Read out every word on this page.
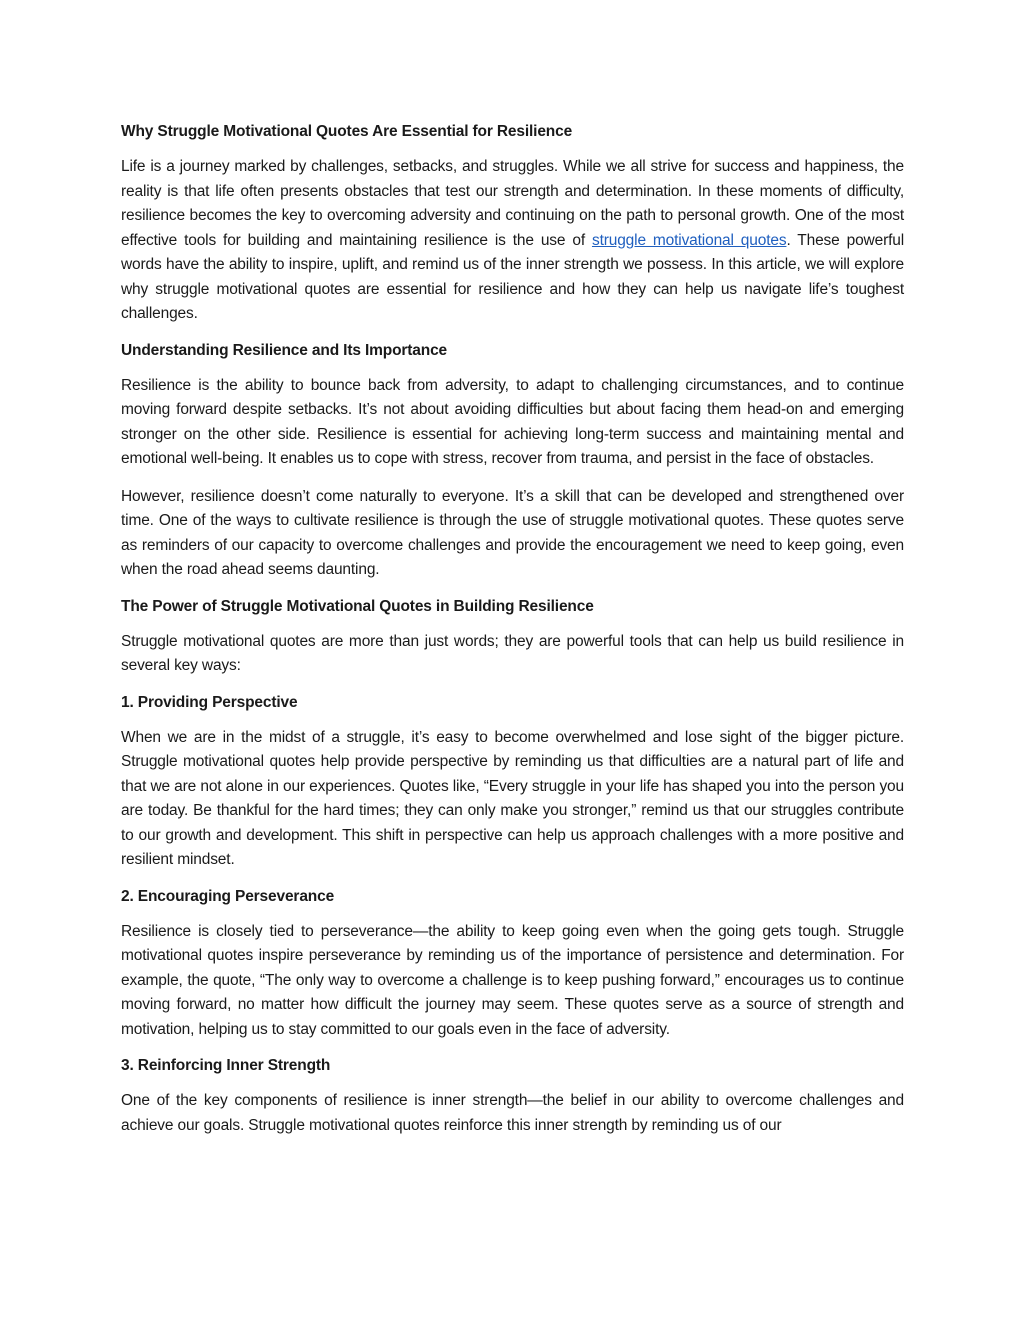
Why Struggle Motivational Quotes Are Essential for Resilience

Life is a journey marked by challenges, setbacks, and struggles. While we all strive for success and happiness, the reality is that life often presents obstacles that test our strength and determination. In these moments of difficulty, resilience becomes the key to overcoming adversity and continuing on the path to personal growth. One of the most effective tools for building and maintaining resilience is the use of struggle motivational quotes. These powerful words have the ability to inspire, uplift, and remind us of the inner strength we possess. In this article, we will explore why struggle motivational quotes are essential for resilience and how they can help us navigate life’s toughest challenges.

Understanding Resilience and Its Importance

Resilience is the ability to bounce back from adversity, to adapt to challenging circumstances, and to continue moving forward despite setbacks. It’s not about avoiding difficulties but about facing them head-on and emerging stronger on the other side. Resilience is essential for achieving long-term success and maintaining mental and emotional well-being. It enables us to cope with stress, recover from trauma, and persist in the face of obstacles.

However, resilience doesn’t come naturally to everyone. It’s a skill that can be developed and strengthened over time. One of the ways to cultivate resilience is through the use of struggle motivational quotes. These quotes serve as reminders of our capacity to overcome challenges and provide the encouragement we need to keep going, even when the road ahead seems daunting.

The Power of Struggle Motivational Quotes in Building Resilience

Struggle motivational quotes are more than just words; they are powerful tools that can help us build resilience in several key ways:

1. Providing Perspective

When we are in the midst of a struggle, it’s easy to become overwhelmed and lose sight of the bigger picture. Struggle motivational quotes help provide perspective by reminding us that difficulties are a natural part of life and that we are not alone in our experiences. Quotes like, “Every struggle in your life has shaped you into the person you are today. Be thankful for the hard times; they can only make you stronger,” remind us that our struggles contribute to our growth and development. This shift in perspective can help us approach challenges with a more positive and resilient mindset.

2. Encouraging Perseverance

Resilience is closely tied to perseverance—the ability to keep going even when the going gets tough. Struggle motivational quotes inspire perseverance by reminding us of the importance of persistence and determination. For example, the quote, “The only way to overcome a challenge is to keep pushing forward,” encourages us to continue moving forward, no matter how difficult the journey may seem. These quotes serve as a source of strength and motivation, helping us to stay committed to our goals even in the face of adversity.

3. Reinforcing Inner Strength

One of the key components of resilience is inner strength—the belief in our ability to overcome challenges and achieve our goals. Struggle motivational quotes reinforce this inner strength by reminding us of our
